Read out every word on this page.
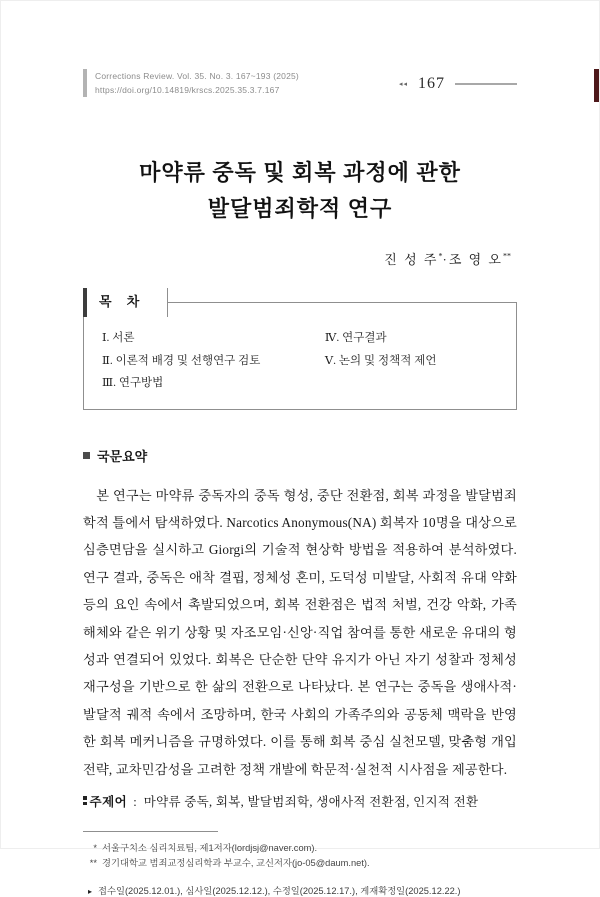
Corrections Review. Vol. 35. No. 3. 167~193 (2025)
https://doi.org/10.14819/krscs.2025.35.3.7.167
◂◂ 167
마약류 중독 및 회복 과정에 관한
발달범죄학적 연구
진 성 주*·조 영 오**
목 차
Ⅰ. 서론
Ⅱ. 이론적 배경 및 선행연구 검토
Ⅲ. 연구방법
Ⅳ. 연구결과
Ⅴ. 논의 및 정책적 제언
국문요약

본 연구는 마약류 중독자의 중독 형성, 중단 전환점, 회복 과정을 발달범죄학적 틀에서 탐색하였다. Narcotics Anonymous(NA) 회복자 10명을 대상으로 심층면담을 실시하고 Giorgi의 기술적 현상학 방법을 적용하여 분석하였다. 연구 결과, 중독은 애착 결핍, 정체성 혼미, 도덕성 미발달, 사회적 유대 약화 등의 요인 속에서 촉발되었으며, 회복 전환점은 법적 처벌, 건강 악화, 가족 해체와 같은 위기 상황 및 자조모임·신앙·직업 참여를 통한 새로운 유대의 형성과 연결되어 있었다. 회복은 단순한 단약 유지가 아닌 자기 성찰과 정체성 재구성을 기반으로 한 삶의 전환으로 나타났다. 본 연구는 중독을 생애사적·발달적 궤적 속에서 조망하며, 한국 사회의 가족주의와 공동체 맥락을 반영한 회복 메커니즘을 규명하였다. 이를 통해 회복 중심 실천모델, 맞춤형 개입 전략, 교차민감성을 고려한 정책 개발에 학문적·실천적 시사점을 제공한다.

주제어 : 마약류 중독, 회복, 발달범죄학, 생애사적 전환점, 인지적 전환
* 서울구치소 심리치료팀, 제1저자(lordjsj@naver.com).
** 경기대학교 범죄교정심리학과 부교수, 교신저자(jo-05@daum.net).
▸ 접수일(2025.12.01.), 심사일(2025.12.12.), 수정일(2025.12.17.), 게재확정일(2025.12.22.)
